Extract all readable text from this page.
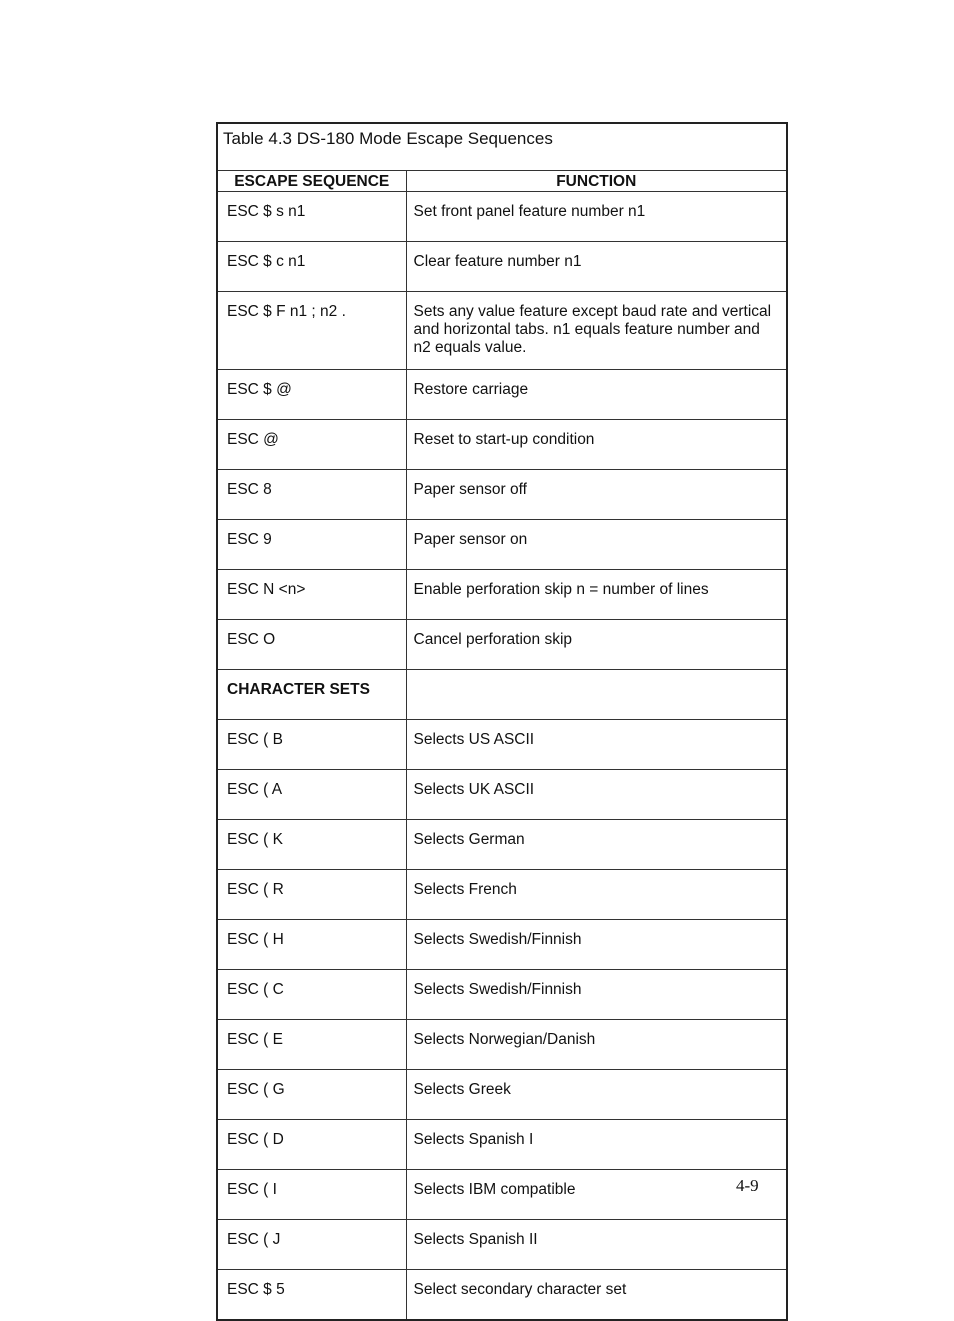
Table 4.3 DS-180 Mode Escape Sequences	
ESCAPE SEQUENCE	FUNCTION
ESC $ s n1	Set front panel feature number n1
ESC $ c n1	Clear feature number n1
ESC $ F n1 ; n2 .	Sets any value feature except baud rate and vertical and horizontal tabs. n1 equals feature number and n2 equals value.
ESC $ @	Restore carriage
ESC @	Reset to start-up condition
ESC 8	Paper sensor off
ESC 9	Paper sensor on
ESC N <n>	Enable perforation skip n = number of lines
ESC O	Cancel perforation skip
CHARACTER SETS	
ESC ( B	Selects US ASCII
ESC ( A	Selects UK ASCII
ESC ( K	Selects German
ESC ( R	Selects French
ESC ( H	Selects Swedish/Finnish
ESC ( C	Selects Swedish/Finnish
ESC ( E	Selects Norwegian/Danish
ESC ( G	Selects Greek
ESC ( D	Selects Spanish I
ESC ( I	Selects IBM compatible
ESC ( J	Selects Spanish II
ESC $ 5	Select secondary character set
4-9
